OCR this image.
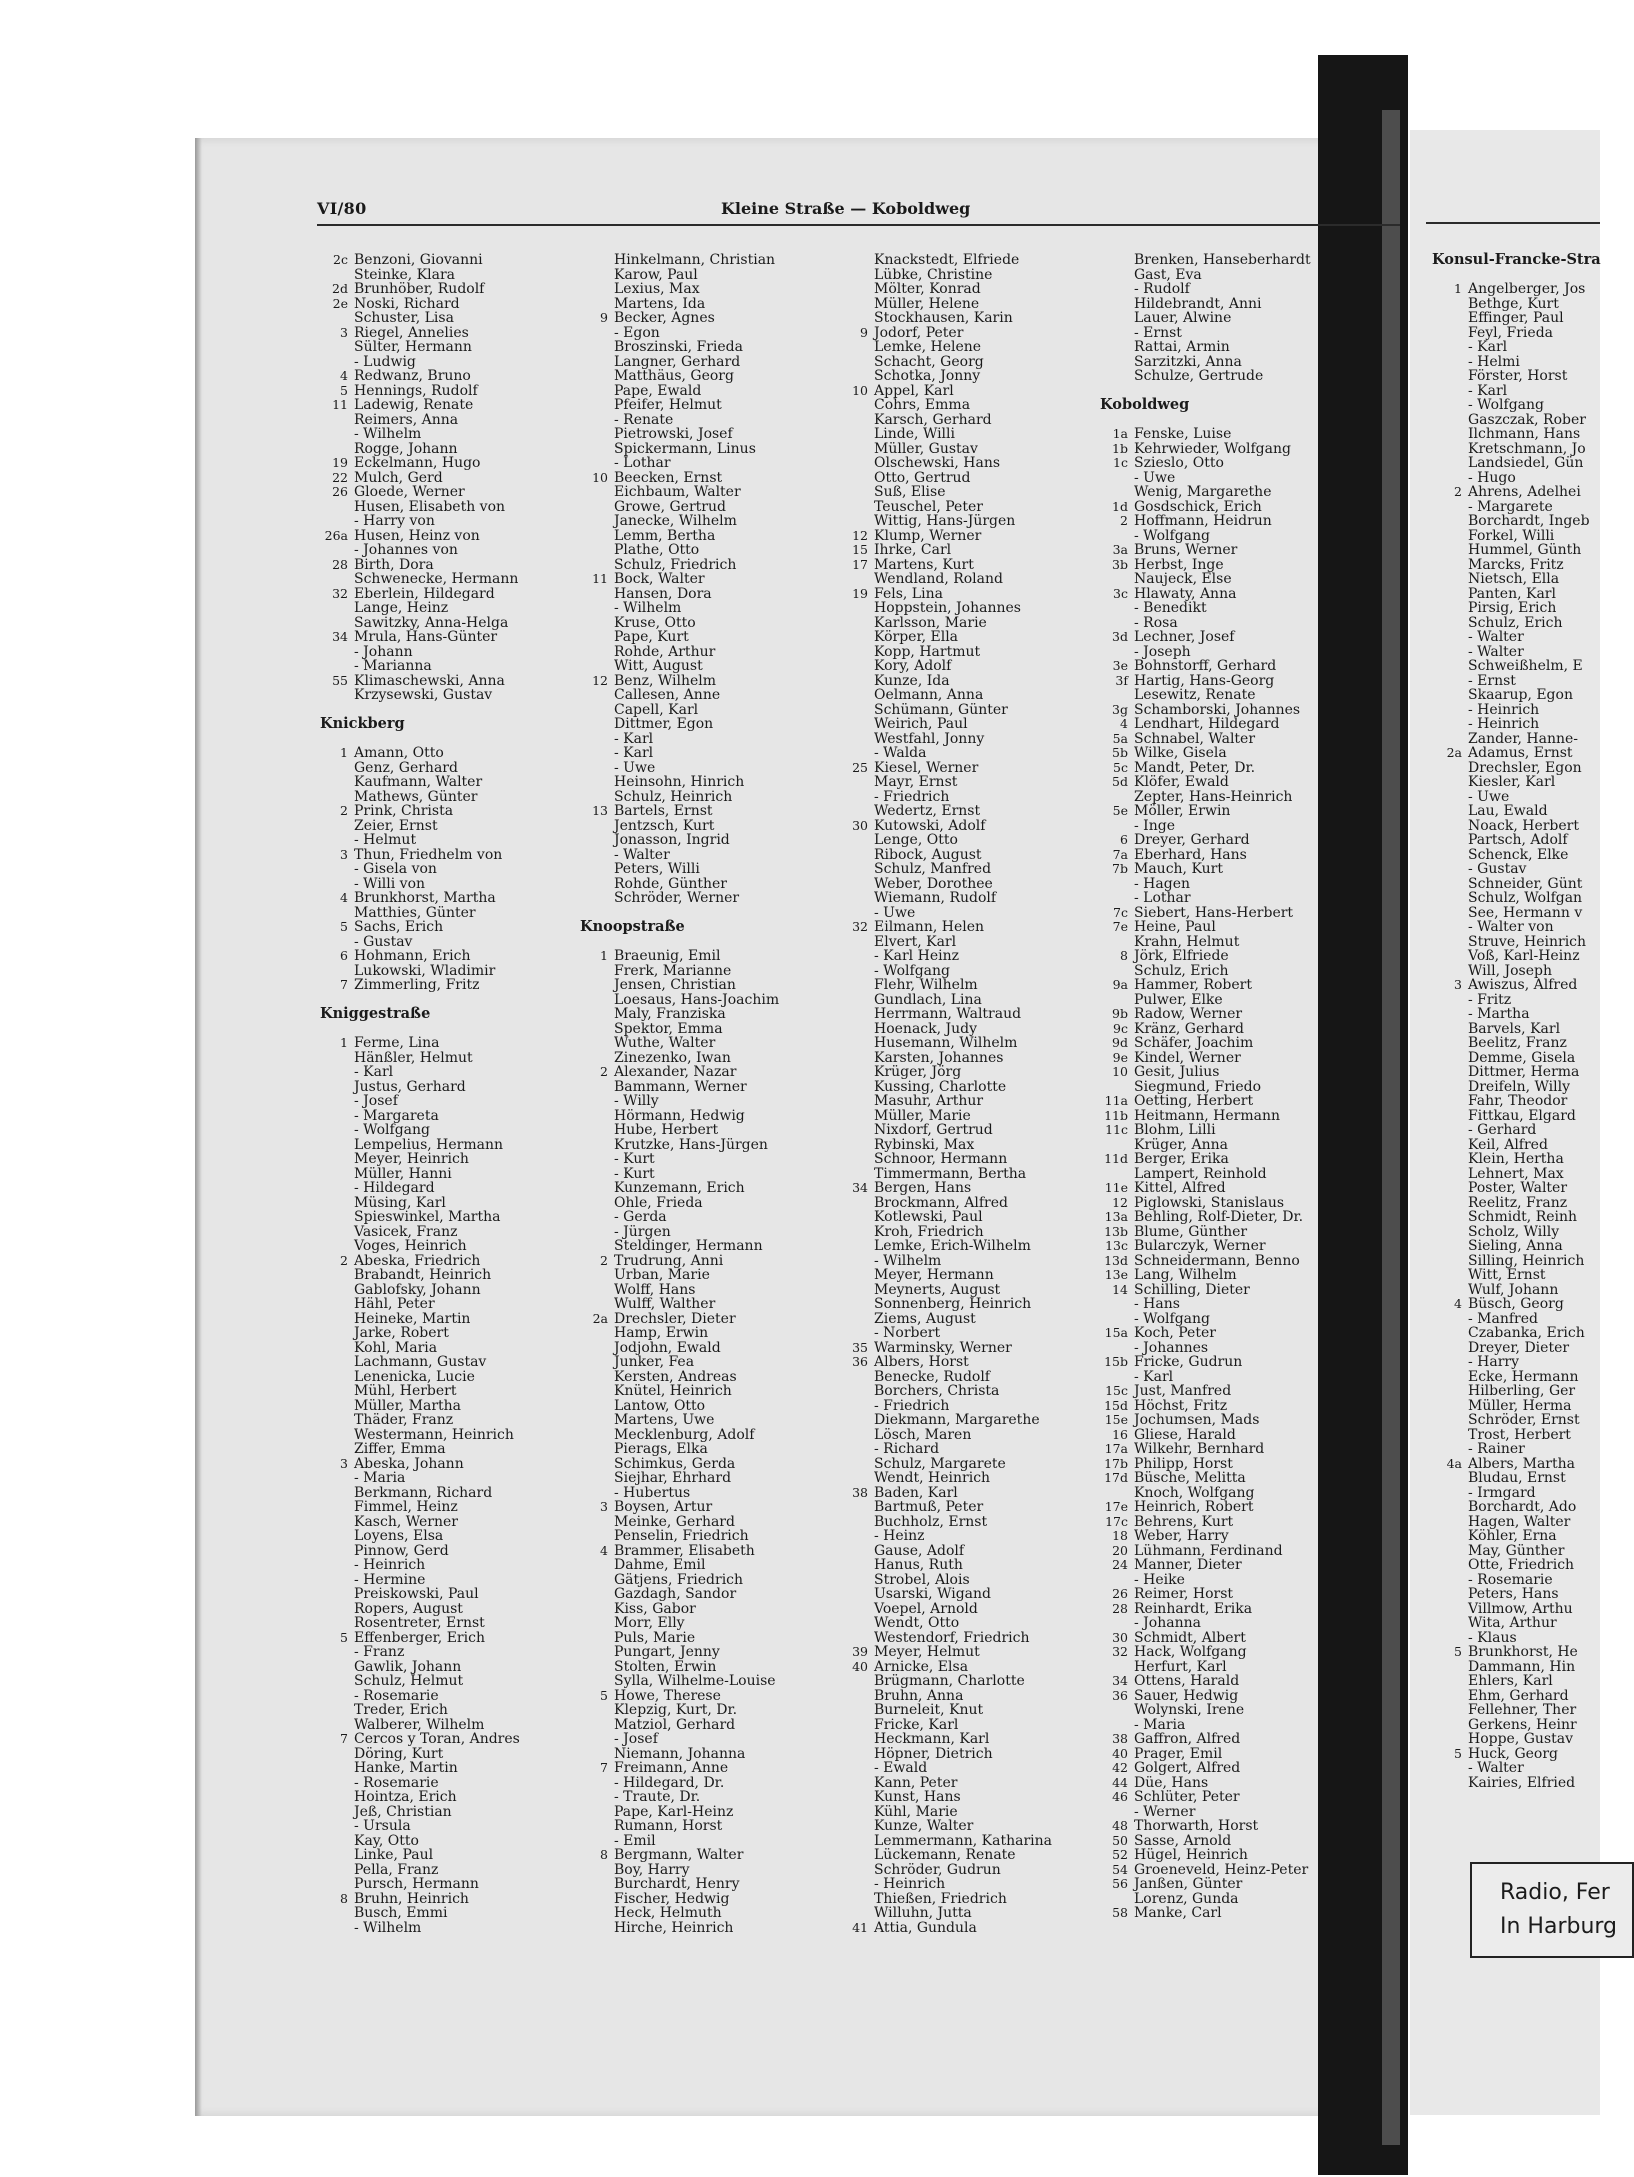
VI/80	Kleine Straße — Koboldweg
2c Benzoni, Giovanni
Steinke, Klara
2d Brunhöber, Rudolf
2e Noski, Richard
Schuster, Lisa
3 Riegel, Annelies
Sülter, Hermann
- Ludwig
4 Redwanz, Bruno
5 Hennings, Rudolf
11 Ladewig, Renate
Reimers, Anna
- Wilhelm
Rogge, Johann
19 Eckelmann, Hugo
22 Mulch, Gerd
26 Gloede, Werner
Husen, Elisabeth von
- Harry von
26a Husen, Heinz von
- Johannes von
28 Birth, Dora
Schwenecke, Hermann
32 Eberlein, Hildegard
Lange, Heinz
Sawitzky, Anna-Helga
34 Mrula, Hans-Günter
- Johann
- Marianna
55 Klimaschewski, Anna
Krzysewski, Gustav
Knickberg
1 Amann, Otto
Genz, Gerhard
Kaufmann, Walter
Mathews, Günter
2 Prink, Christa
Zeier, Ernst
- Helmut
3 Thun, Friedhelm von
- Gisela von
- Willi von
4 Brunkhorst, Martha
Matthies, Günter
5 Sachs, Erich
- Gustav
6 Hohmann, Erich
Lukowski, Wladimir
7 Zimmerling, Fritz
Kniggestraße
1 Ferme, Lina
Hänßler, Helmut
- Karl
Justus, Gerhard
- Josef
- Margareta
- Wolfgang
Lempelius, Hermann
Meyer, Heinrich
Müller, Hanni
- Hildegard
Müsing, Karl
Spieswinkel, Martha
Vasicek, Franz
Voges, Heinrich
2 Abeska, Friedrich
Brabandt, Heinrich
Gablofsky, Johann
Hähl, Peter
Heineke, Martin
Jarke, Robert
Kohl, Maria
Lachmann, Gustav
Lenenicka, Lucie
Mühl, Herbert
Müller, Martha
Thäder, Franz
Westermann, Heinrich
Ziffer, Emma
3 Abeska, Johann
- Maria
Berkmann, Richard
Fimmel, Heinz
Kasch, Werner
Loyens, Elsa
Pinnow, Gerd
- Heinrich
- Hermine
Preiskowski, Paul
Ropers, August
Rosentreter, Ernst
5 Effenberger, Erich
- Franz
Gawlik, Johann
Schulz, Helmut
- Rosemarie
Treder, Erich
Walberer, Wilhelm
7 Cercos y Toran, Andres
Döring, Kurt
Hanke, Martin
- Rosemarie
Hointza, Erich
Jeß, Christian
- Ursula
Kay, Otto
Linke, Paul
Pella, Franz
Pursch, Hermann
8 Bruhn, Heinrich
Busch, Emmi
- Wilhelm
Hinkelmann, Christian
Karow, Paul
Lexius, Max
Martens, Ida
9 Becker, Agnes
- Egon
Broszinski, Frieda
Langner, Gerhard
Matthäus, Georg
Pape, Ewald
Pfeifer, Helmut
- Renate
Pietrowski, Josef
Spickermann, Linus
- Lothar
10 Beecken, Ernst
Eichbaum, Walter
Growe, Gertrud
Janecke, Wilhelm
Lemm, Bertha
Plathe, Otto
Schulz, Friedrich
11 Bock, Walter
Hansen, Dora
- Wilhelm
Kruse, Otto
Pape, Kurt
Rohde, Arthur
Witt, August
12 Benz, Wilhelm
Callesen, Anne
Capell, Karl
Dittmer, Egon
- Karl
- Karl
- Uwe
Heinsohn, Hinrich
Schulz, Heinrich
13 Bartels, Ernst
Jentzsch, Kurt
Jonasson, Ingrid
- Walter
Peters, Willi
Rohde, Günther
Schröder, Werner
Knoopstraße
1 Braeunig, Emil
Frerk, Marianne
Jensen, Christian
Loesaus, Hans-Joachim
Maly, Franziska
Spektor, Emma
Wuthe, Walter
Zinezenko, Iwan
2 Alexander, Nazar
Bammann, Werner
- Willy
Hörmann, Hedwig
Hube, Herbert
Krutzke, Hans-Jürgen
- Kurt
- Kurt
Kunzemann, Erich
Ohle, Frieda
- Gerda
- Jürgen
Steldinger, Hermann
2 Trudrung, Anni
Urban, Marie
Wolff, Hans
Wulff, Walther
2a Drechsler, Dieter
Hamp, Erwin
Jodjohn, Ewald
Junker, Fea
Kersten, Andreas
Knütel, Heinrich
Lantow, Otto
Martens, Uwe
Mecklenburg, Adolf
Pierags, Elka
Schimkus, Gerda
Siejhar, Ehrhard
- Hubertus
3 Boysen, Artur
Meinke, Gerhard
Penselin, Friedrich
4 Brammer, Elisabeth
Dahme, Emil
Gätjens, Friedrich
Gazdagh, Sandor
Kiss, Gabor
Morr, Elly
Puls, Marie
Pungart, Jenny
Stolten, Erwin
Sylla, Wilhelme-Louise
5 Howe, Therese
Klepzig, Kurt, Dr.
Matziol, Gerhard
- Josef
Niemann, Johanna
7 Freimann, Anne
- Hildegard, Dr.
- Traute, Dr.
Pape, Karl-Heinz
Rumann, Horst
- Emil
8 Bergmann, Walter
Boy, Harry
Burchardt, Henry
Fischer, Hedwig
Heck, Helmuth
Hirche, Heinrich
Knackstedt, Elfriede
Lübke, Christine
Mölter, Konrad
Müller, Helene
Stockhausen, Karin
9 Jodorf, Peter
Lemke, Helene
Schacht, Georg
Schotka, Jonny
10 Appel, Karl
Cohrs, Emma
Karsch, Gerhard
Linde, Willi
Müller, Gustav
Olschewski, Hans
Otto, Gertrud
Suß, Elise
Teuschel, Peter
Wittig, Hans-Jürgen
12 Klump, Werner
15 Ihrke, Carl
17 Martens, Kurt
Wendland, Roland
19 Fels, Lina
Hoppstein, Johannes
Karlsson, Marie
Körper, Ella
Kopp, Hartmut
Kory, Adolf
Kunze, Ida
Oelmann, Anna
Schümann, Günter
Weirich, Paul
Westfahl, Jonny
- Walda
25 Kiesel, Werner
Mayr, Ernst
- Friedrich
Wedertz, Ernst
30 Kutowski, Adolf
Lenge, Otto
Ribock, August
Schulz, Manfred
Weber, Dorothee
Wiemann, Rudolf
- Uwe
32 Eilmann, Helen
Elvert, Karl
- Karl Heinz
- Wolfgang
Flehr, Wilhelm
Gundlach, Lina
Herrmann, Waltraud
Hoenack, Judy
Husemann, Wilhelm
Karsten, Johannes
Krüger, Jörg
Kussing, Charlotte
Masuhr, Arthur
Müller, Marie
Nixdorf, Gertrud
Rybinski, Max
Schnoor, Hermann
Timmermann, Bertha
34 Bergen, Hans
Brockmann, Alfred
Kotlewski, Paul
Kroh, Friedrich
Lemke, Erich-Wilhelm
- Wilhelm
Meyer, Hermann
Meynerts, August
Sonnenberg, Heinrich
Ziems, August
- Norbert
35 Warminsky, Werner
36 Albers, Horst
Benecke, Rudolf
Borchers, Christa
- Friedrich
Diekmann, Margarethe
Lösch, Maren
- Richard
Schulz, Margarete
Wendt, Heinrich
38 Baden, Karl
Bartmuß, Peter
Buchholz, Ernst
- Heinz
Gause, Adolf
Hanus, Ruth
Strobel, Alois
Usarski, Wigand
Voepel, Arnold
Wendt, Otto
Westendorf, Friedrich
39 Meyer, Helmut
40 Arnicke, Elsa
Brügmann, Charlotte
Bruhn, Anna
Burneleit, Knut
Fricke, Karl
Heckmann, Karl
Höpner, Dietrich
- Ewald
Kann, Peter
Kunst, Hans
Kühl, Marie
Kunze, Walter
Lemmermann, Katharina
Lückemann, Renate
Schröder, Gudrun
- Heinrich
Thießen, Friedrich
Willuhn, Jutta
41 Attia, Gundula
Brenken, Hanseberhardt
Gast, Eva
- Rudolf
Hildebrandt, Anni
Lauer, Alwine
- Ernst
Rattai, Armin
Sarzitzki, Anna
Schulze, Gertrude
Koboldweg
1a Fenske, Luise
1b Kehrwieder, Wolfgang
1c Szieslo, Otto
- Uwe
Wenig, Margarethe
1d Gosdschick, Erich
2 Hoffmann, Heidrun
- Wolfgang
3a Bruns, Werner
3b Herbst, Inge
Naujeck, Else
3c Hlawaty, Anna
- Benedikt
- Rosa
3d Lechner, Josef
- Joseph
3e Bohnstorff, Gerhard
3f Hartig, Hans-Georg
Lesewitz, Renate
3g Schamborski, Johannes
4 Lendhart, Hildegard
5a Schnabel, Walter
5b Wilke, Gisela
5c Mandt, Peter, Dr.
5d Klöfer, Ewald
Zepter, Hans-Heinrich
5e Möller, Erwin
- Inge
6 Dreyer, Gerhard
7a Eberhard, Hans
7b Mauch, Kurt
- Hagen
- Lothar
7c Siebert, Hans-Herbert
7e Heine, Paul
Krahn, Helmut
8 Jörk, Elfriede
Schulz, Erich
9a Hammer, Robert
Pulwer, Elke
9b Radow, Werner
9c Kränz, Gerhard
9d Schäfer, Joachim
9e Kindel, Werner
10 Gesit, Julius
Siegmund, Friedo
11a Oetting, Herbert
11b Heitmann, Hermann
11c Blohm, Lilli
Krüger, Anna
11d Berger, Erika
Lampert, Reinhold
11e Kittel, Alfred
12 Piglowski, Stanislaus
13a Behling, Rolf-Dieter, Dr.
13b Blume, Günther
13c Bularczyk, Werner
13d Schneidermann, Benno
13e Lang, Wilhelm
14 Schilling, Dieter
- Hans
- Wolfgang
15a Koch, Peter
- Johannes
15b Fricke, Gudrun
- Karl
15c Just, Manfred
15d Höchst, Fritz
15e Jochumsen, Mads
16 Gliese, Harald
17a Wilkehr, Bernhard
17b Philipp, Horst
17d Büsche, Melitta
Knoch, Wolfgang
17e Heinrich, Robert
17c Behrens, Kurt
18 Weber, Harry
20 Lühmann, Ferdinand
24 Manner, Dieter
- Heike
26 Reimer, Horst
28 Reinhardt, Erika
- Johanna
30 Schmidt, Albert
32 Hack, Wolfgang
Herfurt, Karl
34 Ottens, Harald
36 Sauer, Hedwig
Wolynski, Irene
- Maria
38 Gaffron, Alfred
40 Prager, Emil
42 Golgert, Alfred
44 Düe, Hans
46 Schlüter, Peter
- Werner
48 Thorwarth, Horst
50 Sasse, Arnold
52 Hügel, Heinrich
54 Groeneveld, Heinz-Peter
56 Janßen, Günter
Lorenz, Gunda
58 Manke, Carl
Konsul-Francke-Stra
1 Angelberger, Jos
Bethge, Kurt
Effinger, Paul
Feyl, Frieda
- Karl
- Helmi
Förster, Horst
- Karl
- Wolfgang
Gaszczak, Rober
Ilchmann, Hans
Kretschmann, Jo
Landsiedel, Gün
- Hugo
2 Ahrens, Adelhei
- Margarete
Borchardt, Ingeb
Forkel, Willi
Hummel, Günth
Marcks, Fritz
Nietsch, Ella
Panten, Karl
Pirsig, Erich
Schulz, Erich
- Walter
- Walter
Schweißhelm, E
- Ernst
Skaarup, Egon
- Heinrich
- Heinrich
Zander, Hanne-
2a Adamus, Ernst
Drechsler, Egon
Kiesler, Karl
- Uwe
Lau, Ewald
Noack, Herbert
Partsch, Adolf
Schenck, Elke
- Gustav
Schneider, Günt
Schulz, Wolfgan
See, Hermann v
- Walter von
Struve, Heinrich
Voß, Karl-Heinz
Will, Joseph
3 Awiszus, Alfred
- Fritz
- Martha
Barvels, Karl
Beelitz, Franz
Demme, Gisela
Dittmer, Herma
Dreifeln, Willy
Fahr, Theodor
Fittkau, Elgard
- Gerhard
Keil, Alfred
Klein, Hertha
Lehnert, Max
Poster, Walter
Reelitz, Franz
Schmidt, Reinh
Scholz, Willy
Sieling, Anna
Silling, Heinrich
Witt, Ernst
Wulf, Johann
4 Büsch, Georg
- Manfred
Czabanka, Erich
Dreyer, Dieter
- Harry
Ecke, Hermann
Hilberling, Ger
Müller, Herma
Schröder, Ernst
Trost, Herbert
- Rainer
4a Albers, Martha
Bludau, Ernst
- Irmgard
Borchardt, Ado
Hagen, Walter
Köhler, Erna
May, Günther
Otte, Friedrich
- Rosemarie
Peters, Hans
Villmow, Arthu
Wita, Arthur
- Klaus
5 Brunkhorst, He
Dammann, Hin
Ehlers, Karl
Ehm, Gerhard
Fellehner, Ther
Gerkens, Heinr
Hoppe, Gustav
5 Huck, Georg
- Walter
Kairies, Elfried
Radio, Fer
In Harburg
